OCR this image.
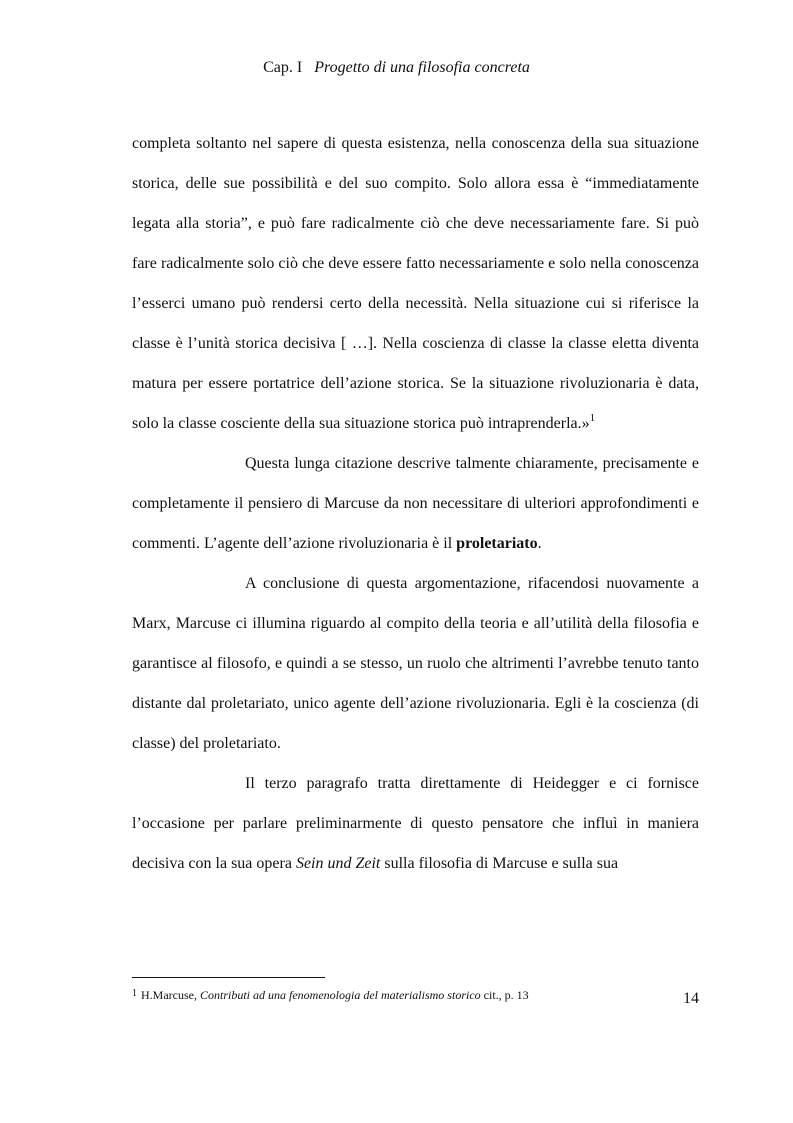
Cap. I Progetto di una filosofia concreta

completa soltanto nel sapere di questa esistenza, nella conoscenza della sua situazione storica, delle sue possibilità e del suo compito. Solo allora essa è “immediatamente legata alla storia”, e può fare radicalmente ciò che deve necessariamente fare. Si può fare radicalmente solo ciò che deve essere fatto necessariamente e solo nella conoscenza l’esserci umano può rendersi certo della necessità. Nella situazione cui si riferisce la classe è l’unità storica decisiva [ …]. Nella coscienza di classe la classe eletta diventa matura per essere portatrice dell’azione storica. Se la situazione rivoluzionaria è data, solo la classe cosciente della sua situazione storica può intraprenderla.»$^1$

Questa lunga citazione descrive talmente chiaramente, precisamente e completamente il pensiero di Marcuse da non necessitare di ulteriori approfondimenti e commenti. L’agente dell’azione rivoluzionaria è il proletariato.

A conclusione di questa argomentazione, rifacendosi nuovamente a Marx, Marcuse ci illumina riguardo al compito della teoria e all’utilità della filosofia e garantisce al filosofo, e quindi a se stesso, un ruolo che altrimenti l’avrebbe tenuto tanto distante dal proletariato, unico agente dell’azione rivoluzionaria. Egli è la coscienza (di classe) del proletariato.

Il terzo paragrafo tratta direttamente di Heidegger e ci fornisce l’occasione per parlare preliminarmente di questo pensatore che influì in maniera decisiva con la sua opera Sein und Zeit sulla filosofia di Marcuse e sulla sua

$^1$ H.Marcuse, Contributi ad una fenomenologia del materialismo storico cit., p. 13	14
